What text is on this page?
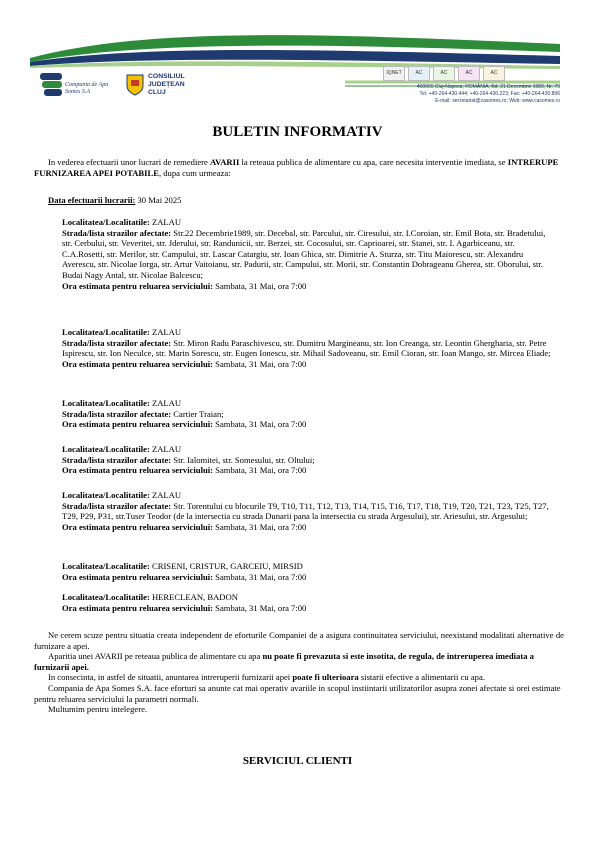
Compania de Apa
Somes S.A
CONSILIUL
JUDEȚEAN
CLUJ
IQNET	AC	AC	AC	AC
400065 Cluj-Napoca, ROMÂNIA, Bd. 21 Decembrie 1989, Nr. 79
Tel: +40-264-430.444; +40-264-430.223; Fax: +40-264-430.896
E-mail: secretariat@casomes.ro; Web: www.casomes.ro
BULETIN INFORMATIV
In vederea efectuarii unor lucrari de remediere AVARII la reteaua publica de alimentare cu apa, care necesita interventie imediata, se INTRERUPE FURNIZAREA APEI POTABILE, dupa cum urmeaza:
Data efectuarii lucrarii: 30 Mai 2025
Localitatea/Localitatile: ZALAU
Strada/lista strazilor afectate: Str.22 Decembrie1989, str. Decebal, str. Parcului, str. Ciresului, str. I.Coroian, str. Emil Bota, str. Bradetului, str. Cerbului, str. Veveritei, str. Jderului, str. Randunicii, str. Berzei, str. Cocosului, str. Caprioarei, str. Stanei, str. I. Agarbiceanu, str. C.A.Rosetti, str. Merilor, str. Campului, str. Lascar Catargiu, str. Ioan Ghica, str. Dimitrie A. Sturza, str. Titu Maiorescu, str. Alexandru Averescu, str. Nicolae Iorga, str. Artur Vaitoianu, str. Padurii, str. Campului, str. Morii, str. Constantin Dobrageanu Gherea, str. Oborului, str. Budai Nagy Antal, str. Nicolae Balcescu;
Ora estimata pentru reluarea serviciului: Sambata, 31 Mai, ora 7:00
Localitatea/Localitatile: ZALAU
Strada/lista strazilor afectate: Str. Miron Radu Paraschivescu, str. Dumitru Margineanu, str. Ion Creanga, str. Leontin Ghergharia, str. Petre Ispirescu, str. Ion Neculce, str. Marin Sorescu, str. Eugen Ionescu, str. Mihail Sadoveanu, str. Emil Cioran, str. Ioan Mango, str. Mircea Eliade;
Ora estimata pentru reluarea serviciului: Sambata, 31 Mai, ora 7:00
Localitatea/Localitatile: ZALAU
Strada/lista strazilor afectate: Cartier Traian;
Ora estimata pentru reluarea serviciului: Sambata, 31 Mai, ora 7:00
Localitatea/Localitatile: ZALAU
Strada/lista strazilor afectate: Str. Ialomitei, str. Somesului, str. Oltului;
Ora estimata pentru reluarea serviciului: Sambata, 31 Mai, ora 7:00
Localitatea/Localitatile: ZALAU
Strada/lista strazilor afectate: Str. Torentului cu blocurile T9, T10, T11, T12, T13, T14, T15, T16, T17, T18, T19, T20, T21, T23, T25, T27, T29, P29, P31, str.Tuser Teodor (de la intersectia cu strada Dunarii pana la intersectia cu strada Argesului), str. Ariesului, str. Argesului;
Ora estimata pentru reluarea serviciului: Sambata, 31 Mai, ora 7:00
Localitatea/Localitatile: CRISENI, CRISTUR, GARCEIU, MIRSID
Ora estimata pentru reluarea serviciului: Sambata, 31 Mai, ora 7:00
Localitatea/Localitatile: HERECLEAN, BADON
Ora estimata pentru reluarea serviciului: Sambata, 31 Mai, ora 7:00
Ne cerem scuze pentru situatia creata independent de eforturile Companiei de a asigura continuitatea serviciului, neexistand modalitati alternative de furnizare a apei.
Aparitia unei AVARII pe reteaua publica de alimentare cu apa nu poate fi prevazuta si este insotita, de regula, de intreruperea imediata a furnizarii apei.
In consecinta, in astfel de situatii, anuntarea intreruperii furnizarii apei poate fi ulterioara sistarii efective a alimentarii cu apa.
Compania de Apa Somes S.A. face eforturi sa anunte cat mai operativ avariile in scopul instiintarii utilizatorilor asupra zonei afectate si orei estimate pentru reluarea serviciului la parametri normali.
Multumim pentru intelegere.
SERVICIUL CLIENTI
